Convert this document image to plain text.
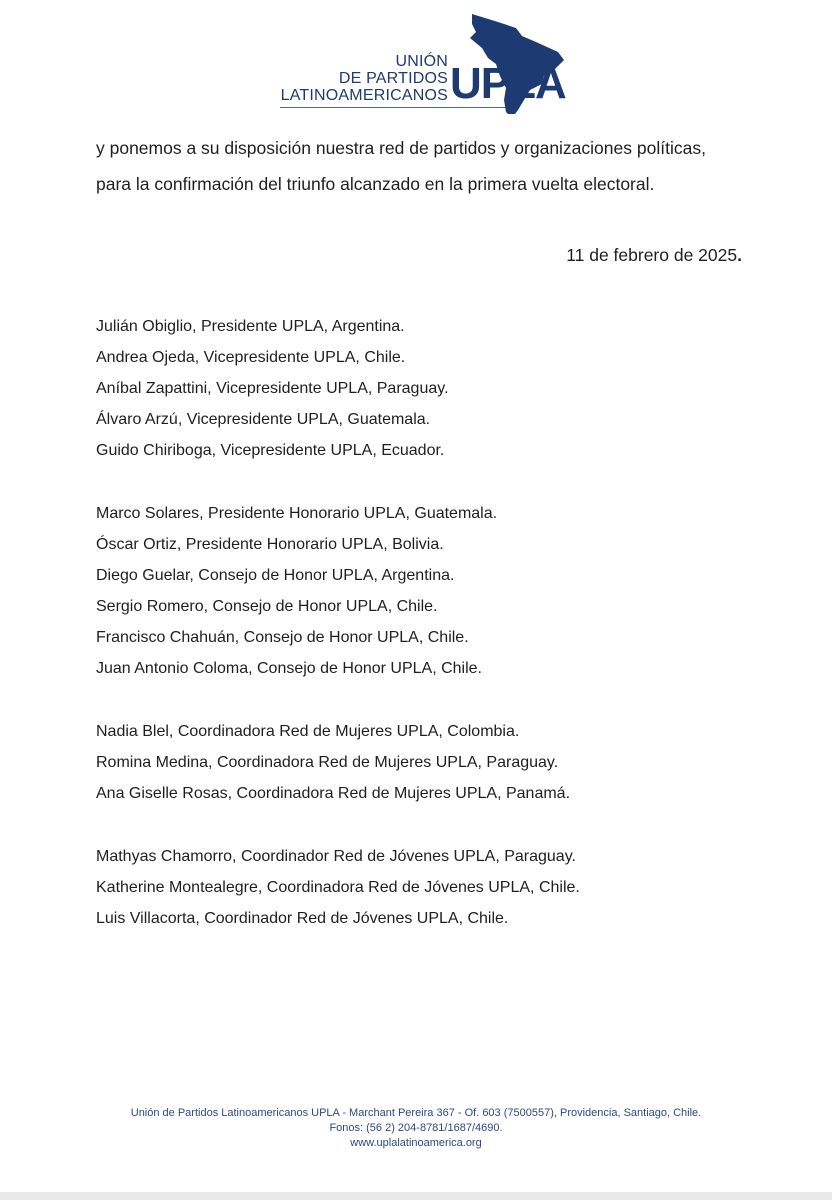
UNIÓN
DE PARTIDOS
LATINOAMERICANOS UPLA
y ponemos a su disposición nuestra red de partidos y organizaciones políticas,
para la confirmación del triunfo alcanzado en la primera vuelta electoral.
11 de febrero de 2025.
Julián Obiglio, Presidente UPLA, Argentina.
Andrea Ojeda, Vicepresidente UPLA, Chile.
Aníbal Zapattini, Vicepresidente UPLA, Paraguay.
Álvaro Arzú, Vicepresidente UPLA, Guatemala.
Guido Chiriboga, Vicepresidente UPLA, Ecuador.
Marco Solares, Presidente Honorario UPLA, Guatemala.
Óscar Ortiz, Presidente Honorario UPLA, Bolivia.
Diego Guelar, Consejo de Honor UPLA, Argentina.
Sergio Romero, Consejo de Honor UPLA, Chile.
Francisco Chahuán, Consejo de Honor UPLA, Chile.
Juan Antonio Coloma, Consejo de Honor UPLA, Chile.
Nadia Blel, Coordinadora Red de Mujeres UPLA, Colombia.
Romina Medina, Coordinadora Red de Mujeres UPLA, Paraguay.
Ana Giselle Rosas, Coordinadora Red de Mujeres UPLA, Panamá.
Mathyas Chamorro, Coordinador Red de Jóvenes UPLA, Paraguay.
Katherine Montealegre, Coordinadora Red de Jóvenes UPLA, Chile.
Luis Villacorta, Coordinador Red de Jóvenes UPLA, Chile.
Unión de Partidos Latinoamericanos UPLA - Marchant Pereira 367 - Of. 603 (7500557), Providencia, Santiago, Chile.
Fonos: (56 2) 204-8781/1687/4690.
www.uplalatinoamerica.org
